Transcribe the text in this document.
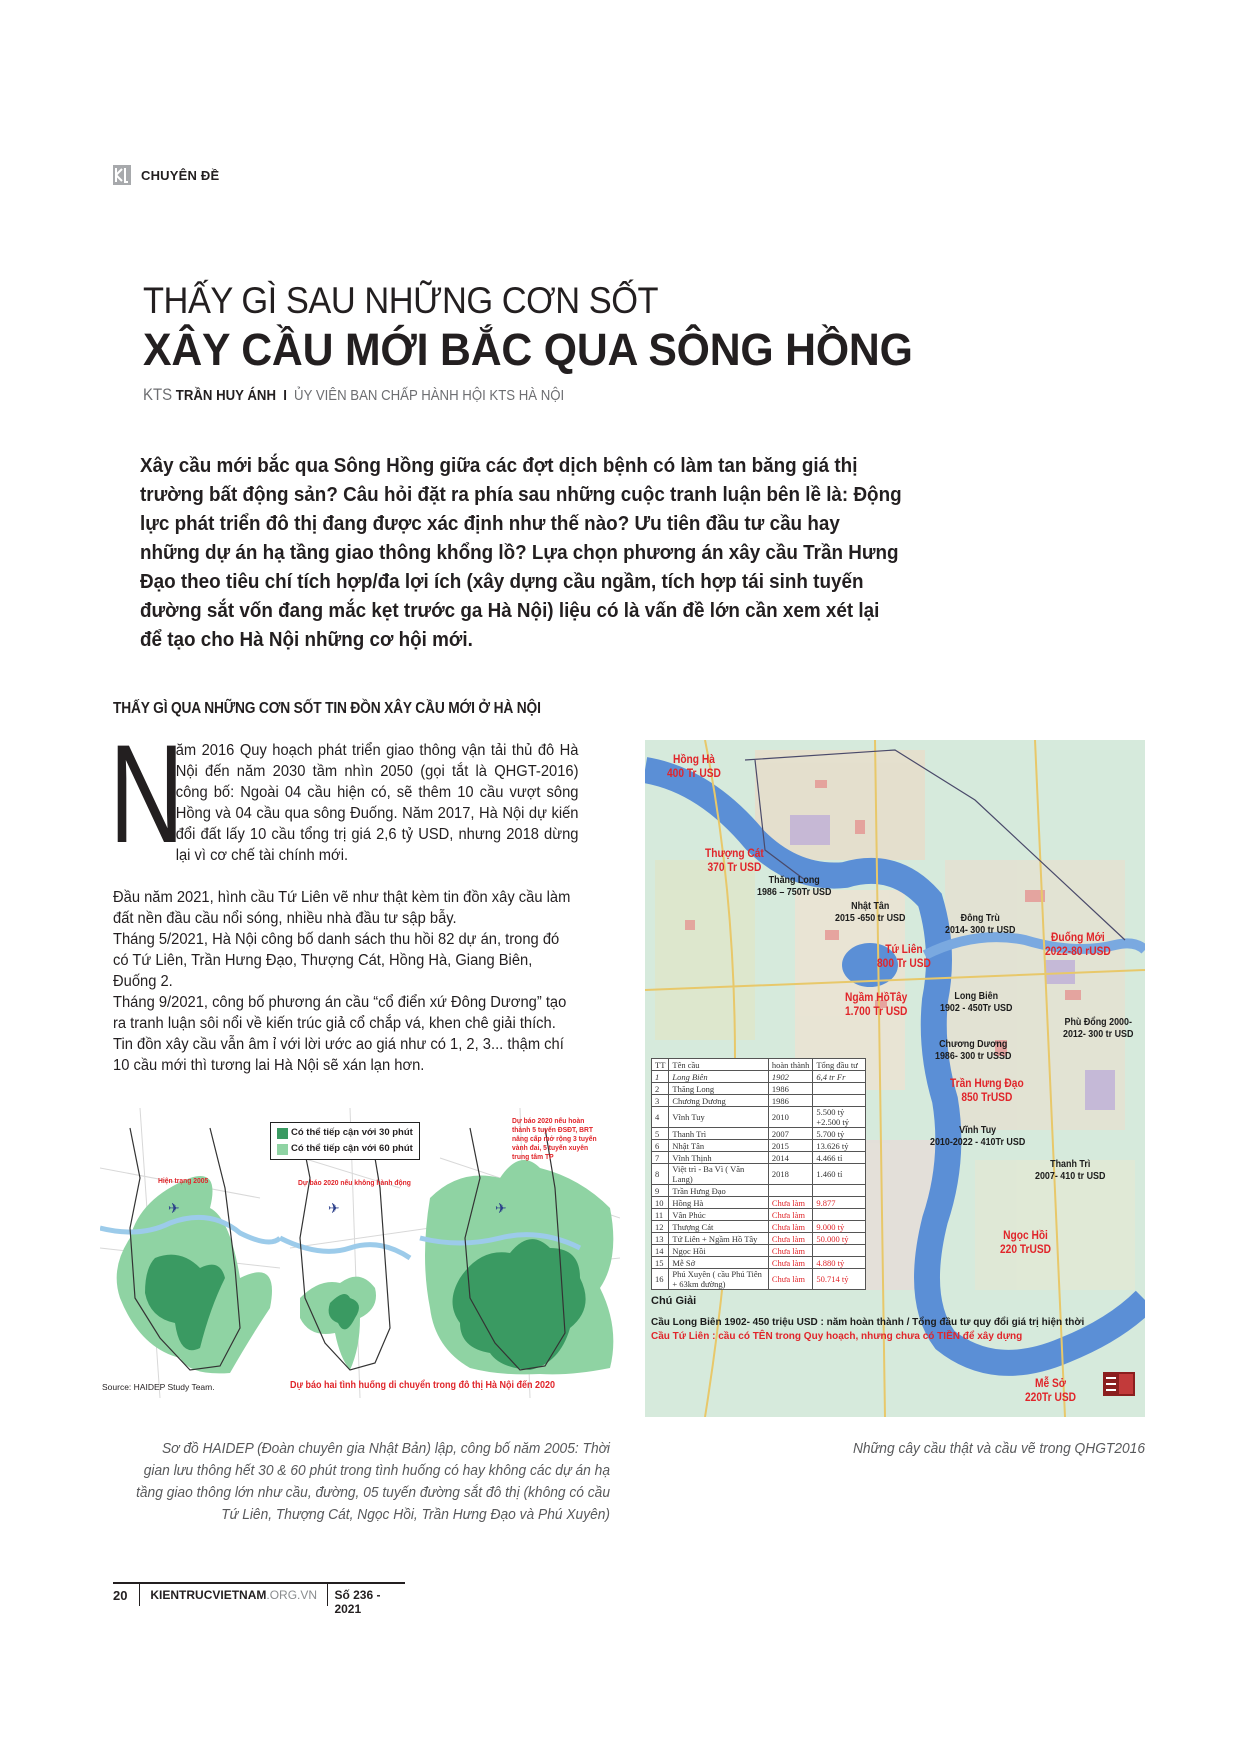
CHUYÊN ĐỀ
THẤY GÌ SAU NHỮNG CƠN SỐT
XÂY CẦU MỚI BẮC QUA SÔNG HỒNG
KTS TRẦN HUY ÁNH I ỦY VIÊN BAN CHẤP HÀNH HỘI KTS HÀ NỘI

Xây cầu mới bắc qua Sông Hồng giữa các đợt dịch bệnh có làm tan băng giá thị trường bất động sản? Câu hỏi đặt ra phía sau những cuộc tranh luận bên lề là: Động lực phát triển đô thị đang được xác định như thế nào? Ưu tiên đầu tư cầu hay những dự án hạ tầng giao thông khổng lồ? Lựa chọn phương án xây cầu Trần Hưng Đạo theo tiêu chí tích hợp/đa lợi ích (xây dựng cầu ngầm, tích hợp tái sinh tuyến đường sắt vốn đang mắc kẹt trước ga Hà Nội) liệu có là vấn đề lớn cần xem xét lại để tạo cho Hà Nội những cơ hội mới.

THẤY GÌ QUA NHỮNG CƠN SỐT TIN ĐỒN XÂY CẦU MỚI Ở HÀ NỘI
N

ăm 2016 Quy hoạch phát triển giao thông vận tải thủ đô Hà Nội đến năm 2030 tầm nhìn 2050 (gọi tắt là QHGT-2016) công bố: Ngoài 04 cầu hiện có, sẽ thêm 10 cầu vượt sông Hồng và 04 cầu qua sông Đuống. Năm 2017, Hà Nội dự kiến đổi đất lấy 10 cầu tổng trị giá 2,6 tỷ USD, nhưng 2018 dừng lại vì cơ chế tài chính mới.

Đầu năm 2021, hình cầu Tứ Liên vẽ như thật kèm tin đồn xây cầu làm đất nền đầu cầu nổi sóng, nhiều nhà đầu tư sập bẫy.

Tháng 5/2021, Hà Nội công bố danh sách thu hồi 82 dự án, trong đó có Tứ Liên, Trần Hưng Đạo, Thượng Cát, Hồng Hà, Giang Biên, Đuống 2.

Tháng 9/2021, công bố phương án cầu “cổ điển xứ Đông Dương” tạo ra tranh luận sôi nổi về kiến trúc giả cổ chắp vá, khen chê giải thích. Tin đồn xây cầu vẫn âm ỉ với lời ước ao giá như có 1, 2, 3... thậm chí 10 cầu mới thì tương lai Hà Nội sẽ xán lạn hơn.

✈	✈	✈
Có thể tiếp cận với 30 phút
Có thể tiếp cận với 60 phút
Hiện trạng 2005	Dự báo 2020 nếu không hành động
Dự báo 2020 nếu hoàn thành 5 tuyến ĐSĐT, BRT nâng cấp mở rộng 3 tuyến vành đai, 5 tuyến xuyên trung tâm TP
Source: HAIDEP Study Team.	Dự báo hai tình huống di chuyển trong đô thị Hà Nội đến 2020
Sơ đồ HAIDEP (Đoàn chuyên gia Nhật Bản) lập, công bố năm 2005: Thời gian lưu thông hết 30 & 60 phút trong tình huống có hay không các dự án hạ tầng giao thông lớn như cầu, đường, 05 tuyến đường sắt đô thị (không có cầu Tứ Liên, Thượng Cát, Ngọc Hồi, Trần Hưng Đạo và Phú Xuyên)
Hồng Hà
400 Tr USD
Thượng Cát
370 Tr USD
Thăng Long
1986 – 750Tr USD
Nhật Tân
2015 -650 tr USD	Đông Trù
2014- 300 tr USD	Đuống Mới
2022-80 rUSD
Tứ Liên
800 Tr USD
Ngầm HồTây
1.700 Tr USD
Long Biên
1902 - 450Tr USD
Phù Đổng 2000-
2012- 300 tr USD
Chương Dương
1986- 300 tr USSD
Trần Hưng Đạo
850 TrUSD
Vĩnh Tuy
2010-2022 - 410Tr USD
Thanh Trì
2007- 410 tr USD
Ngọc Hồi
220 TrUSD
Mễ Sở
220Tr USD
TT	Tên cầu	hoàn thành	Tổng đầu tư
1	Long Biên	1902	6,4 tr Fr
2	Thăng Long	1986	
3	Chương Dương	1986	
4	Vĩnh Tuy	2010	5.500 tỷ +2.500 tỷ
5	Thanh Trì	2007	5.700 tỷ
6	Nhật Tân	2015	13.626 tỷ
7	Vĩnh Thịnh	2014	4.466 tỉ
8	Việt trì - Ba Vì ( Văn Lang)	2018	1.460 tỉ
9	Trần Hưng Đạo		
10	Hồng Hà	Chưa làm	9.877
11	Vân Phúc	Chưa làm	
12	Thượng Cát	Chưa làm	9.000 tỷ
13	Tứ Liên + Ngầm Hồ Tây	Chưa làm	50.000 tỷ
14	Ngọc Hồi	Chưa làm	
15	Mễ Sở	Chưa làm	4.880 tỷ
16	Phú Xuyên ( cầu Phú Tiên + 63km đường)	Chưa làm	50.714 tỷ
Chú Giải
Cầu Long Biên 1902- 450 triệu USD : năm hoàn thành / Tổng đầu tư quy đổi giá trị hiện thời
Cầu Tứ Liên : cầu có TÊN trong Quy hoạch, nhưng chưa có TIỀN để xây dựng
Những cây cầu thật và cầu vẽ trong QHGT2016
20	KIENTRUCVIETNAM.ORG.VN	Số 236 - 2021
